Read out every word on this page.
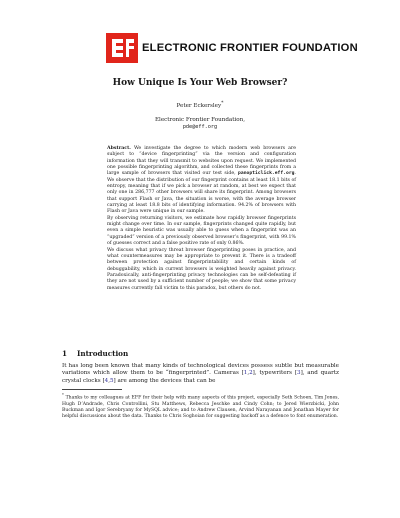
ELECTRONIC FRONTIER FOUNDATION
How Unique Is Your Web Browser?
Peter Eckersley*
Electronic Frontier Foundation,
pde@eff.org

Abstract. We investigate the degree to which modern web browsers are subject to “device fingerprinting” via the version and configuration information that they will transmit to websites upon request. We implemented one possible fingerprinting algorithm, and collected these fingerprints from a large sample of browsers that visited our test side, panopticlick.eff.org. We observe that the distribution of our fingerprint contains at least 18.1 bits of entropy, meaning that if we pick a browser at random, at best we expect that only one in 286,777 other browsers will share its fingerprint. Among browsers that support Flash or Java, the situation is worse, with the average browser carrying at least 18.8 bits of identifying information. 94.2% of browsers with Flash or Java were unique in our sample.

By observing returning visitors, we estimate how rapidly browser fingerprints might change over time. In our sample, fingerprints changed quite rapidly, but even a simple heuristic was usually able to guess when a fingerprint was an “upgraded” version of a previously observed browser’s fingerprint, with 99.1% of guesses correct and a false positive rate of only 0.86%.

We discuss what privacy threat browser fingerprinting poses in practice, and what countermeasures may be appropriate to prevent it. There is a tradeoff between protection against fingerprintability and certain kinds of debuggability, which in current browsers is weighted heavily against privacy. Paradoxically, anti-fingerprinting privacy technologies can be self-defeating if they are not used by a sufficient number of people; we show that some privacy measures currently fall victim to this paradox, but others do not.

1 Introduction

It has long been known that many kinds of technological devices possess subtle but measurable variations which allow them to be “fingerprinted”. Cameras [1,2], typewriters [3], and quartz crystal clocks [4,5] are among the devices that can be

* Thanks to my colleagues at EFF for their help with many aspects of this project, especially Seth Schoen, Tim Jones, Hugh D’Andrade, Chris Controllini, Stu Matthews, Rebecca Jeschke and Cindy Cohn; to Jered Wierzbicki, John Buckman and Igor Serebryany for MySQL advice; and to Andrew Clausen, Arvind Narayanan and Jonathan Mayer for helpful discussions about the data. Thanks to Chris Soghoian for suggesting backoff as a defence to font enumeration.
